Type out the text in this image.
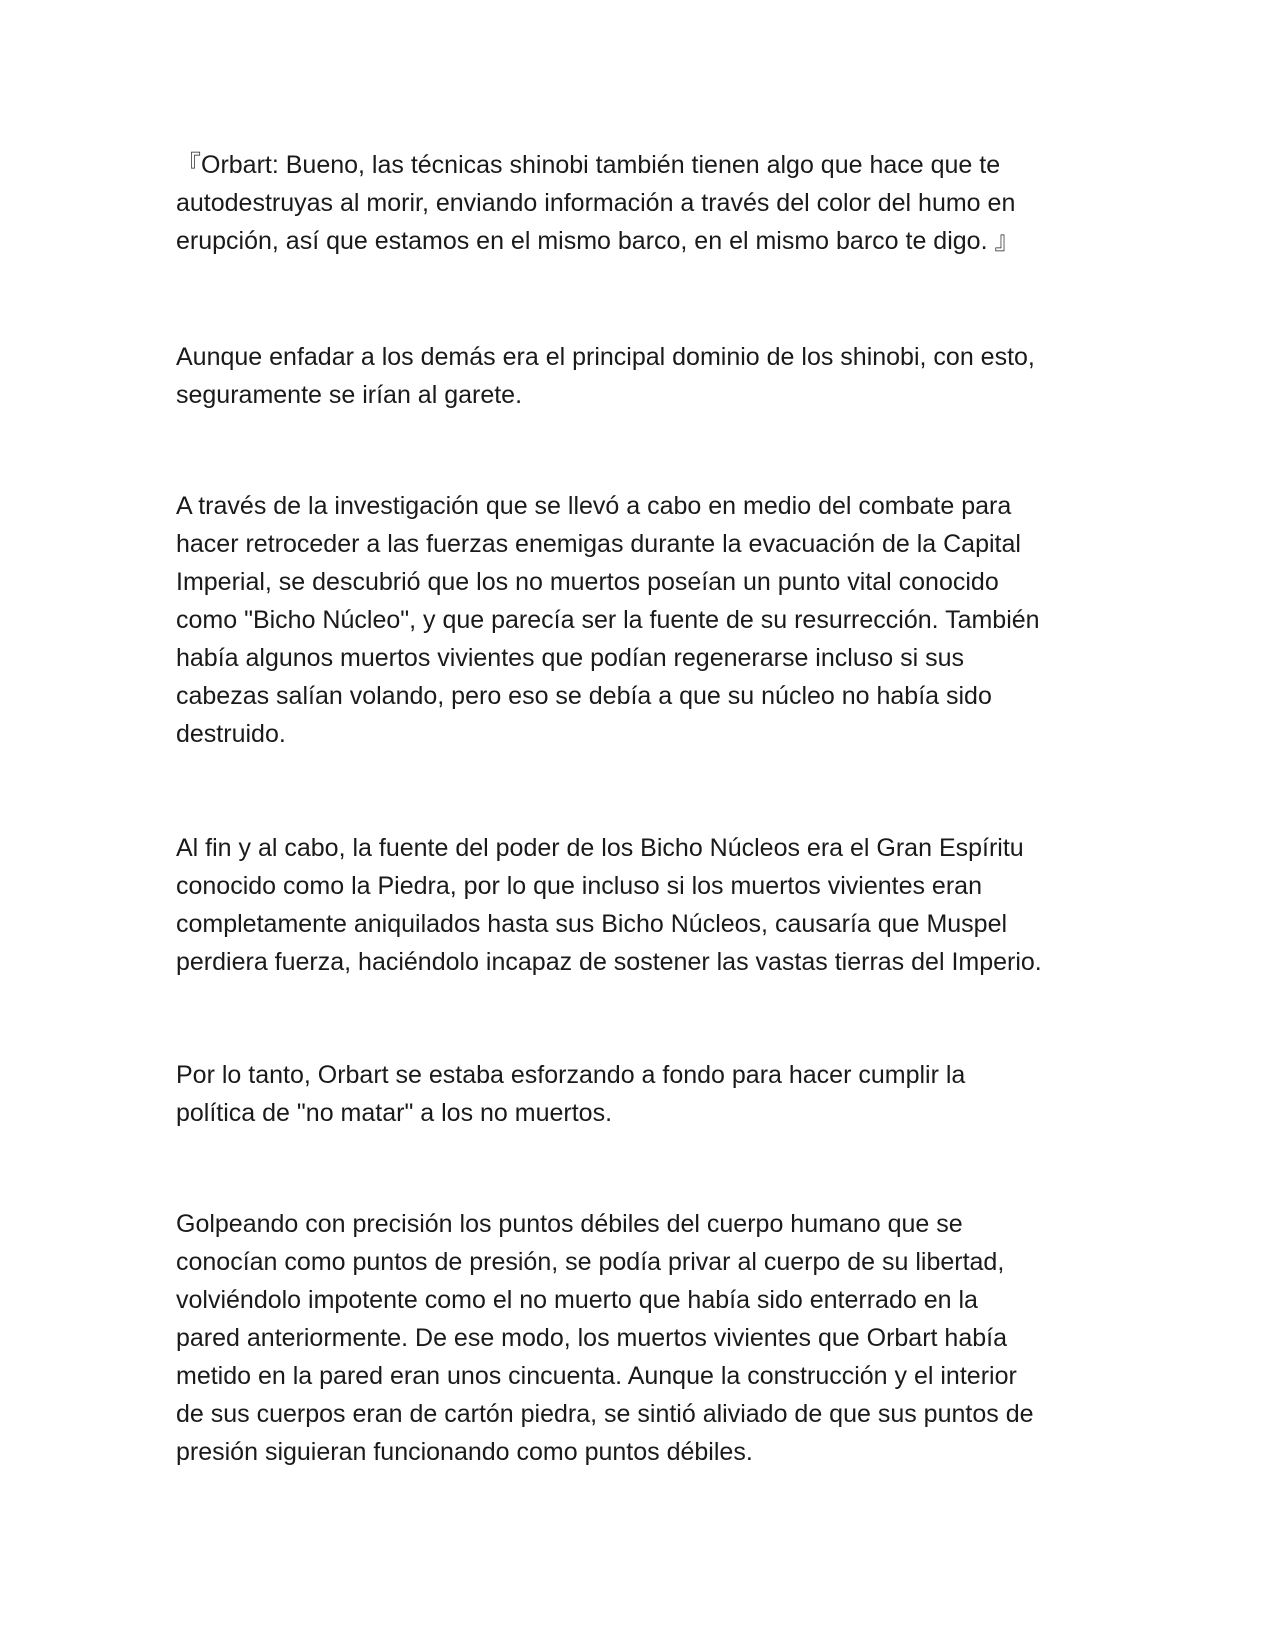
『Orbart: Bueno, las técnicas shinobi también tienen algo que hace que te
autodestruyas al morir, enviando información a través del color del humo en
erupción, así que estamos en el mismo barco, en el mismo barco te digo. 』
Aunque enfadar a los demás era el principal dominio de los shinobi, con esto,
seguramente se irían al garete.
A través de la investigación que se llevó a cabo en medio del combate para
hacer retroceder a las fuerzas enemigas durante la evacuación de la Capital
Imperial, se descubrió que los no muertos poseían un punto vital conocido
como "Bicho Núcleo", y que parecía ser la fuente de su resurrección. También
había algunos muertos vivientes que podían regenerarse incluso si sus
cabezas salían volando, pero eso se debía a que su núcleo no había sido
destruido.
Al fin y al cabo, la fuente del poder de los Bicho Núcleos era el Gran Espíritu
conocido como la Piedra, por lo que incluso si los muertos vivientes eran
completamente aniquilados hasta sus Bicho Núcleos, causaría que Muspel
perdiera fuerza, haciéndolo incapaz de sostener las vastas tierras del Imperio.
Por lo tanto, Orbart se estaba esforzando a fondo para hacer cumplir la
política de "no matar" a los no muertos.
Golpeando con precisión los puntos débiles del cuerpo humano que se
conocían como puntos de presión, se podía privar al cuerpo de su libertad,
volviéndolo impotente como el no muerto que había sido enterrado en la
pared anteriormente. De ese modo, los muertos vivientes que Orbart había
metido en la pared eran unos cincuenta. Aunque la construcción y el interior
de sus cuerpos eran de cartón piedra, se sintió aliviado de que sus puntos de
presión siguieran funcionando como puntos débiles.
